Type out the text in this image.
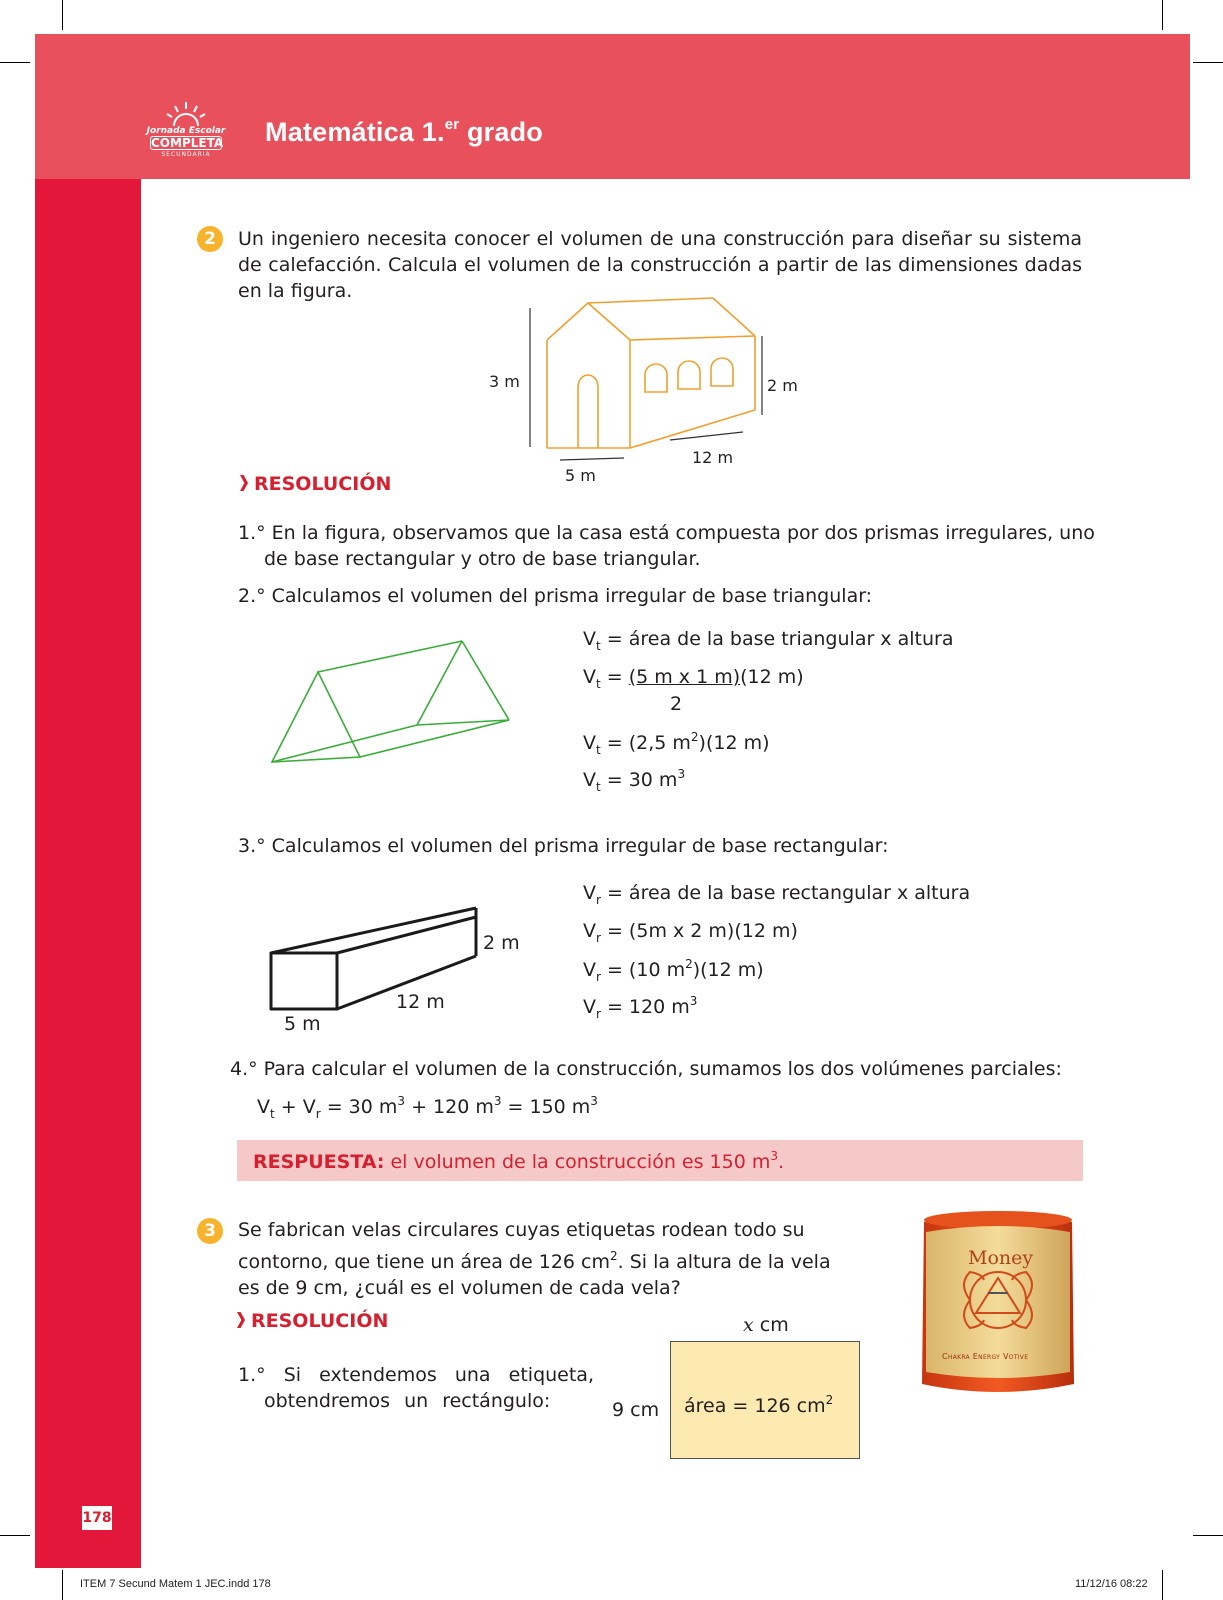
Jornada Escolar
COMPLETA
SECUNDARIA
Matemática 1.$^{er}$ grado
2	Un ingeniero necesita conocer el volumen de una construcción para diseñar su sistema de calefacción. Calcula el volumen de la construcción a partir de las dimensiones dadas en la figura.
3 m	2 m
12 m
5 m
RESOLUCIÓN
1.° En la figura, observamos que la casa está compuesta por dos prismas irregulares, uno de base rectangular y otro de base triangular.
2.° Calculamos el volumen del prisma irregular de base triangular:
$V_t$ = área de la base triangular x altura
$V_t = (5$ m x 1 m)(12 m)
2
$V_t = (2,5$ $m^2)(12$ m)
$V_t = 30$ $m^3$
3.° Calculamos el volumen del prisma irregular de base rectangular:
2 m
12 m
5 m
$V_r$ = área de la base rectangular x altura
$V_r = (5m$ x 2 m)(12 m)
$V_r = (10$ $m^2)(12$ m)
$V_r = 120$ $m^3$
4.° Para calcular el volumen de la construcción, sumamos los dos volúmenes parciales:
$V_t + V_r = 30$ $m^3 + 120$ $m^3 = 150$ $m^3$
RESPUESTA: el volumen de la construcción es 150 $m^3$.
3	Se fabrican velas circulares cuyas etiquetas rodean todo su contorno, que tiene un área de 126 $cm^2$. Si la altura de la vela es de 9 cm, ¿cuál es el volumen de cada vela?
Money
Chakra Energy Votive
RESOLUCIÓN
1.° Si extendemos una etiqueta, obtendremos un rectángulo:
x cm
9 cm área = 126 $cm^2$
178
ITEM 7 Secund Matem 1 JEC.indd 178	11/12/16 08:22
